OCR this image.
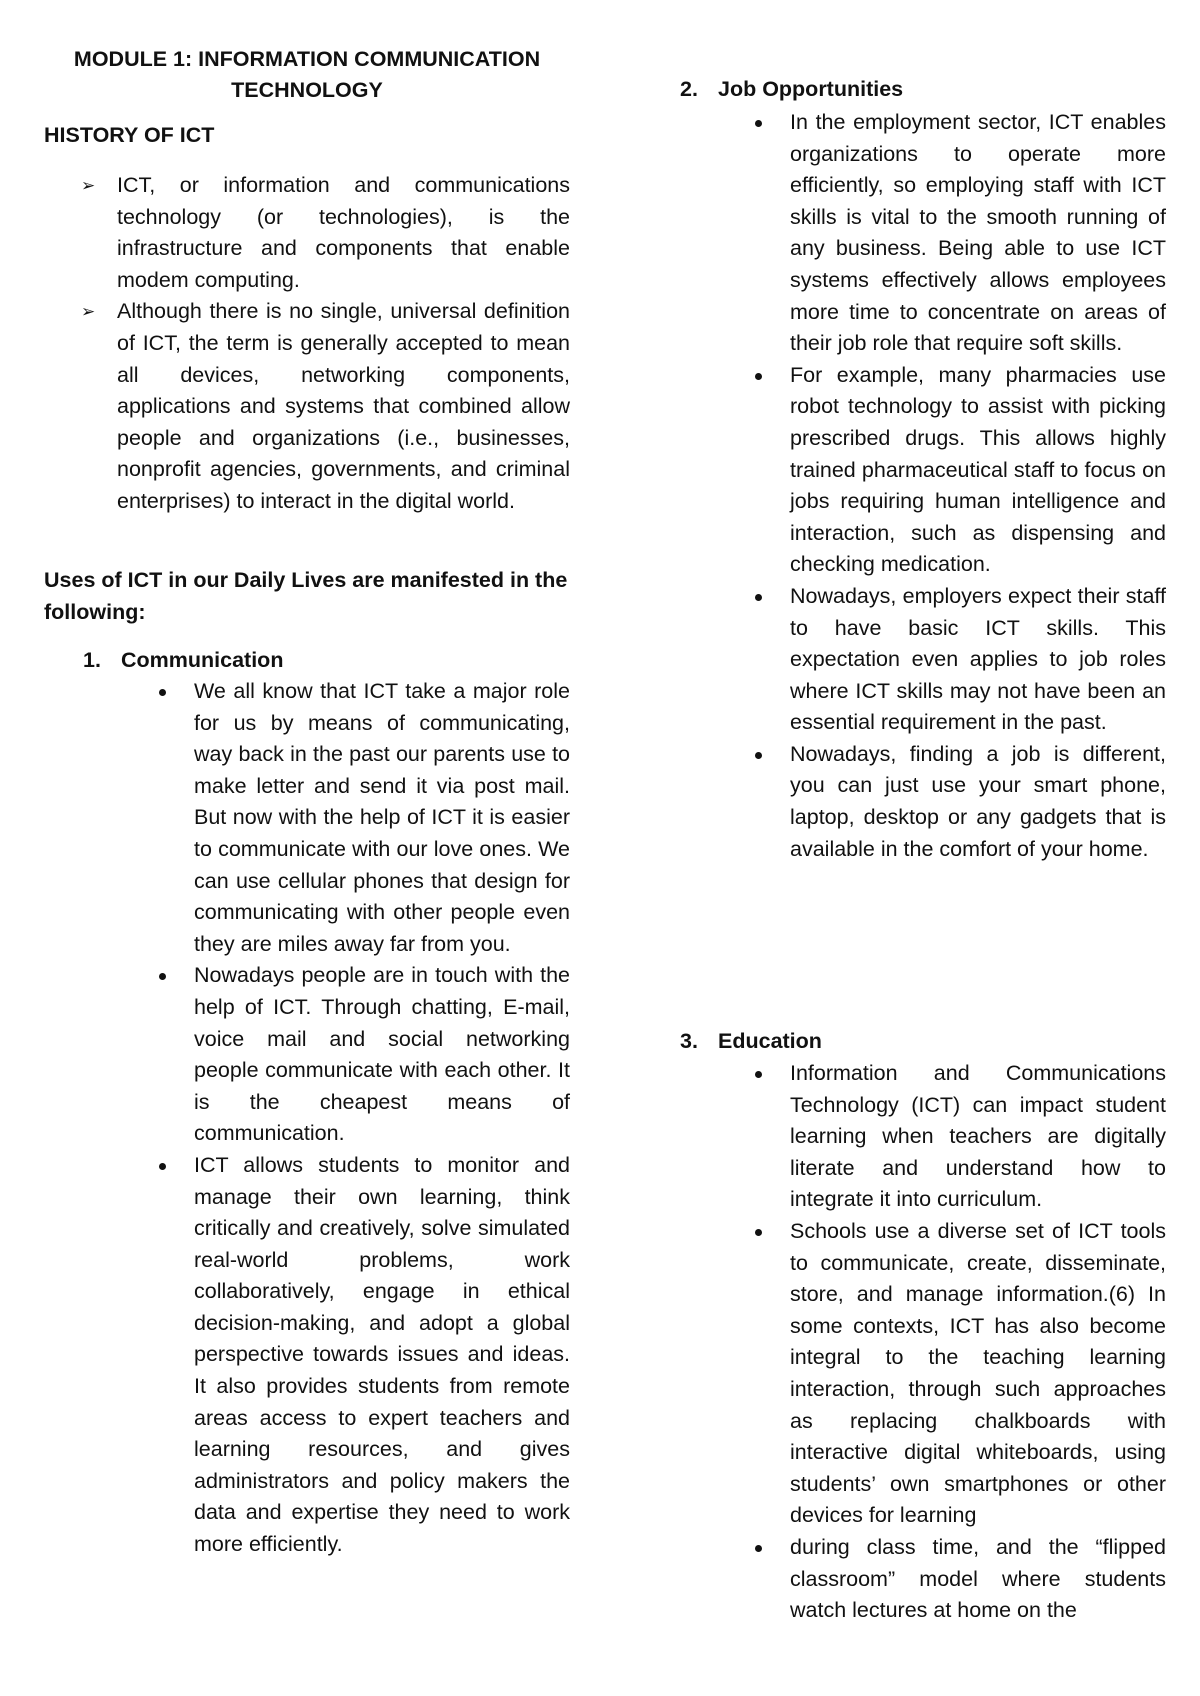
MODULE 1: INFORMATION COMMUNICATION
TECHNOLOGY
HISTORY OF ICT
➢ ICT, or information and communications technology (or technologies), is the infrastructure and components that enable modem computing.
➢ Although there is no single, universal definition of ICT, the term is generally accepted to mean all devices, networking components, applications and systems that combined allow people and organizations (i.e., businesses, nonprofit agencies, governments, and criminal enterprises) to interact in the digital world.
Uses of ICT in our Daily Lives are manifested in the following:
1. Communication
We all know that ICT take a major role for us by means of communicating, way back in the past our parents use to make letter and send it via post mail. But now with the help of ICT it is easier to communicate with our love ones. We can use cellular phones that design for communicating with other people even they are miles away far from you.
Nowadays people are in touch with the help of ICT. Through chatting, E-mail, voice mail and social networking people communicate with each other. It is the cheapest means of communication.
ICT allows students to monitor and manage their own learning, think critically and creatively, solve simulated real-world problems, work collaboratively, engage in ethical decision-making, and adopt a global perspective towards issues and ideas. It also provides students from remote areas access to expert teachers and learning resources, and gives administrators and policy makers the data and expertise they need to work more efficiently.
2. Job Opportunities
In the employment sector, ICT enables organizations to operate more efficiently, so employing staff with ICT skills is vital to the smooth running of any business. Being able to use ICT systems effectively allows employees more time to concentrate on areas of their job role that require soft skills.
For example, many pharmacies use robot technology to assist with picking prescribed drugs. This allows highly trained pharmaceutical staff to focus on jobs requiring human intelligence and interaction, such as dispensing and checking medication.
Nowadays, employers expect their staff to have basic ICT skills. This expectation even applies to job roles where ICT skills may not have been an essential requirement in the past.
Nowadays, finding a job is different, you can just use your smart phone, laptop, desktop or any gadgets that is available in the comfort of your home.
3. Education
Information and Communications Technology (ICT) can impact student learning when teachers are digitally literate and understand how to integrate it into curriculum.
Schools use a diverse set of ICT tools to communicate, create, disseminate, store, and manage information.(6) In some contexts, ICT has also become integral to the teaching learning interaction, through such approaches as replacing chalkboards with interactive digital whiteboards, using students’ own smartphones or other devices for learning
during class time, and the “flipped classroom” model where students watch lectures at home on the
